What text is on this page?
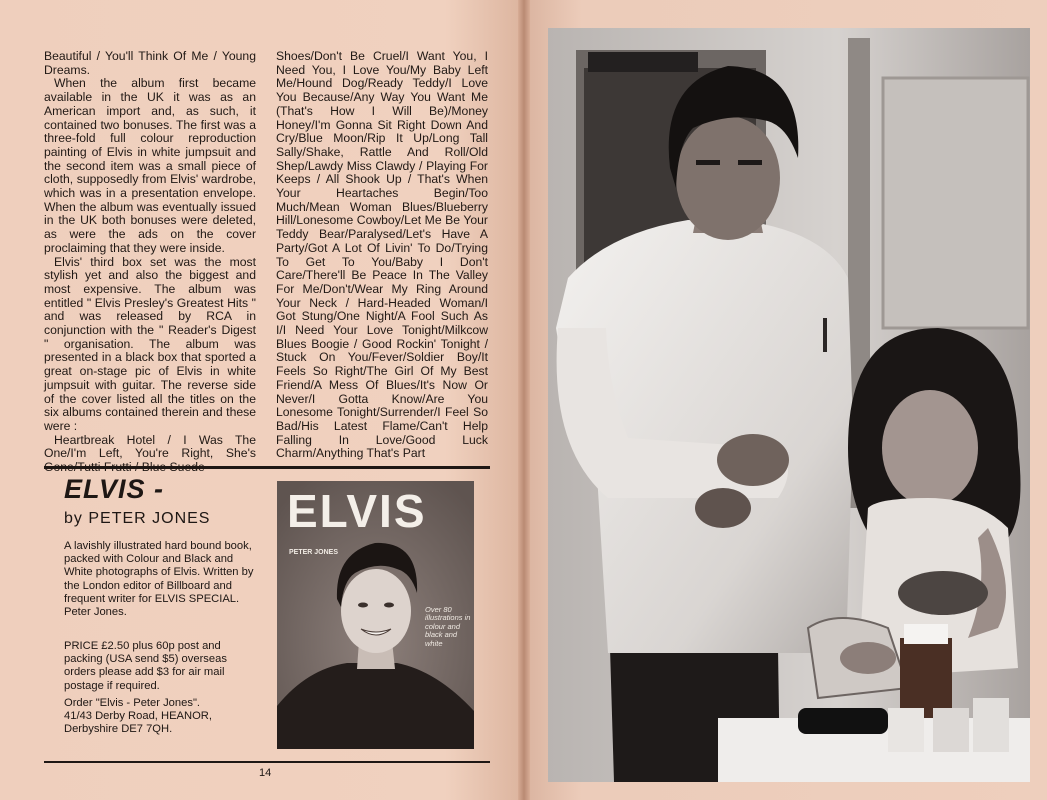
Beautiful / You'll Think Of Me / Young Dreams.

When the album first became available in the UK it was as an American import and, as such, it contained two bonuses. The first was a three-fold full colour reproduction painting of Elvis in white jumpsuit and the second item was a small piece of cloth, supposedly from Elvis' wardrobe, which was in a presentation envelope. When the album was eventually issued in the UK both bonuses were deleted, as were the ads on the cover proclaiming that they were inside.

Elvis' third box set was the most stylish yet and also the biggest and most expensive. The album was entitled " Elvis Presley's Greatest Hits " and was released by RCA in conjunction with the " Reader's Digest " organisation. The album was presented in a black box that sported a great on-stage pic of Elvis in white jumpsuit with guitar. The reverse side of the cover listed all the titles on the six albums contained therein and these were :

Heartbreak Hotel / I Was The One/I'm Left, You're Right, She's

Shoes/Don't Be Cruel/I Want You, I Need You, I Love You/My Baby Left Me/Hound Dog/Ready Teddy/I Love You Because/Any Way You Want Me (That's How I Will Be)/Money Honey/I'm Gonna Sit Right Down And Cry/Blue Moon/Rip It Up/Long Tall Sally/Shake, Rattle And Roll/Old Shep/Lawdy Miss Clawdy / Playing For Keeps / All Shook Up / That's When Your Heartaches Begin/Too Much/Mean Woman Blues/Blueberry Hill/Lonesome Cowboy/Let Me Be Your Teddy Bear/Paralysed/Let's Have A Party/Got A Lot Of Livin' To Do/Trying To Get To You/Baby I Don't Care/There'll Be Peace In The Valley For Me/Don't/Wear My Ring Around Your Neck / Hard-Headed Woman/I Got Stung/One Night/A Fool Such As I/I Need Your Love Tonight/Milkcow Blues Boogie / Good Rockin' Tonight / Stuck On You/Fever/Soldier Boy/It Feels So Right/The Girl Of My Best Friend/A Mess Of Blues/It's Now Or Never/I Gotta Know/Are You Lonesome Tonight/Surrender/I Feel So Bad/His Latest Flame/Can't Help Falling In Love/Good Luck Charm/Anything That's Part

ELVIS -

by PETER JONES

A lavishly illustrated hard bound book, packed with Colour and Black and White photographs of Elvis. Written by the London editor of Billboard and frequent writer for ELVIS SPECIAL. Peter Jones.

PRICE £2.50 plus 60p post and packing (USA send $5) overseas orders please add $3 for air mail postage if required.

Order "Elvis - Peter Jones".
41/43 Derby Road, HEANOR,
Derbyshire DE7 7QH.

ELVIS
PETER JONES
Over 80 illustrations in colour and black and white

14
